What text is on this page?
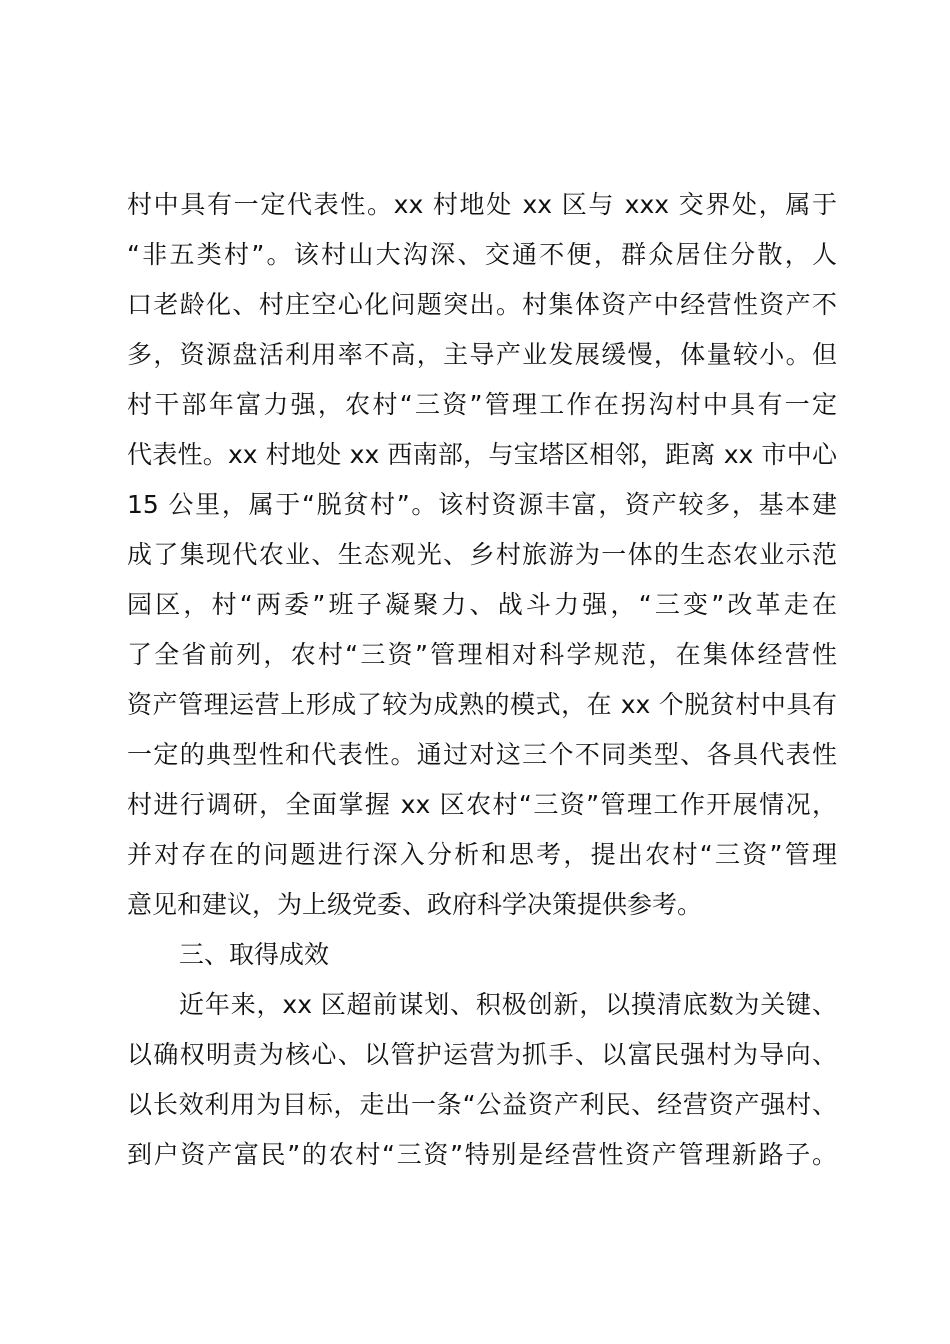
村中具有一定代表性。xx 村地处 xx 区与 xxx 交界处，属于
“非五类村”。该村山大沟深、交通不便，群众居住分散，人
口老龄化、村庄空心化问题突出。村集体资产中经营性资产不
多，资源盘活利用率不高，主导产业发展缓慢，体量较小。但
村干部年富力强，农村“三资”管理工作在拐沟村中具有一定
代表性。xx 村地处 xx 西南部，与宝塔区相邻，距离 xx 市中心
15 公里，属于“脱贫村”。该村资源丰富，资产较多，基本建
成了集现代农业、生态观光、乡村旅游为一体的生态农业示范
园区，村“两委”班子凝聚力、战斗力强，“三变”改革走在
了全省前列，农村“三资”管理相对科学规范，在集体经营性
资产管理运营上形成了较为成熟的模式，在 xx 个脱贫村中具有
一定的典型性和代表性。通过对这三个不同类型、各具代表性
村进行调研，全面掌握 xx 区农村“三资”管理工作开展情况，
并对存在的问题进行深入分析和思考，提出农村“三资”管理
意见和建议，为上级党委、政府科学决策提供参考。
三、取得成效
近年来，xx 区超前谋划、积极创新，以摸清底数为关键、
以确权明责为核心、以管护运营为抓手、以富民强村为导向、
以长效利用为目标，走出一条“公益资产利民、经营资产强村、
到户资产富民”的农村“三资”特别是经营性资产管理新路子。
